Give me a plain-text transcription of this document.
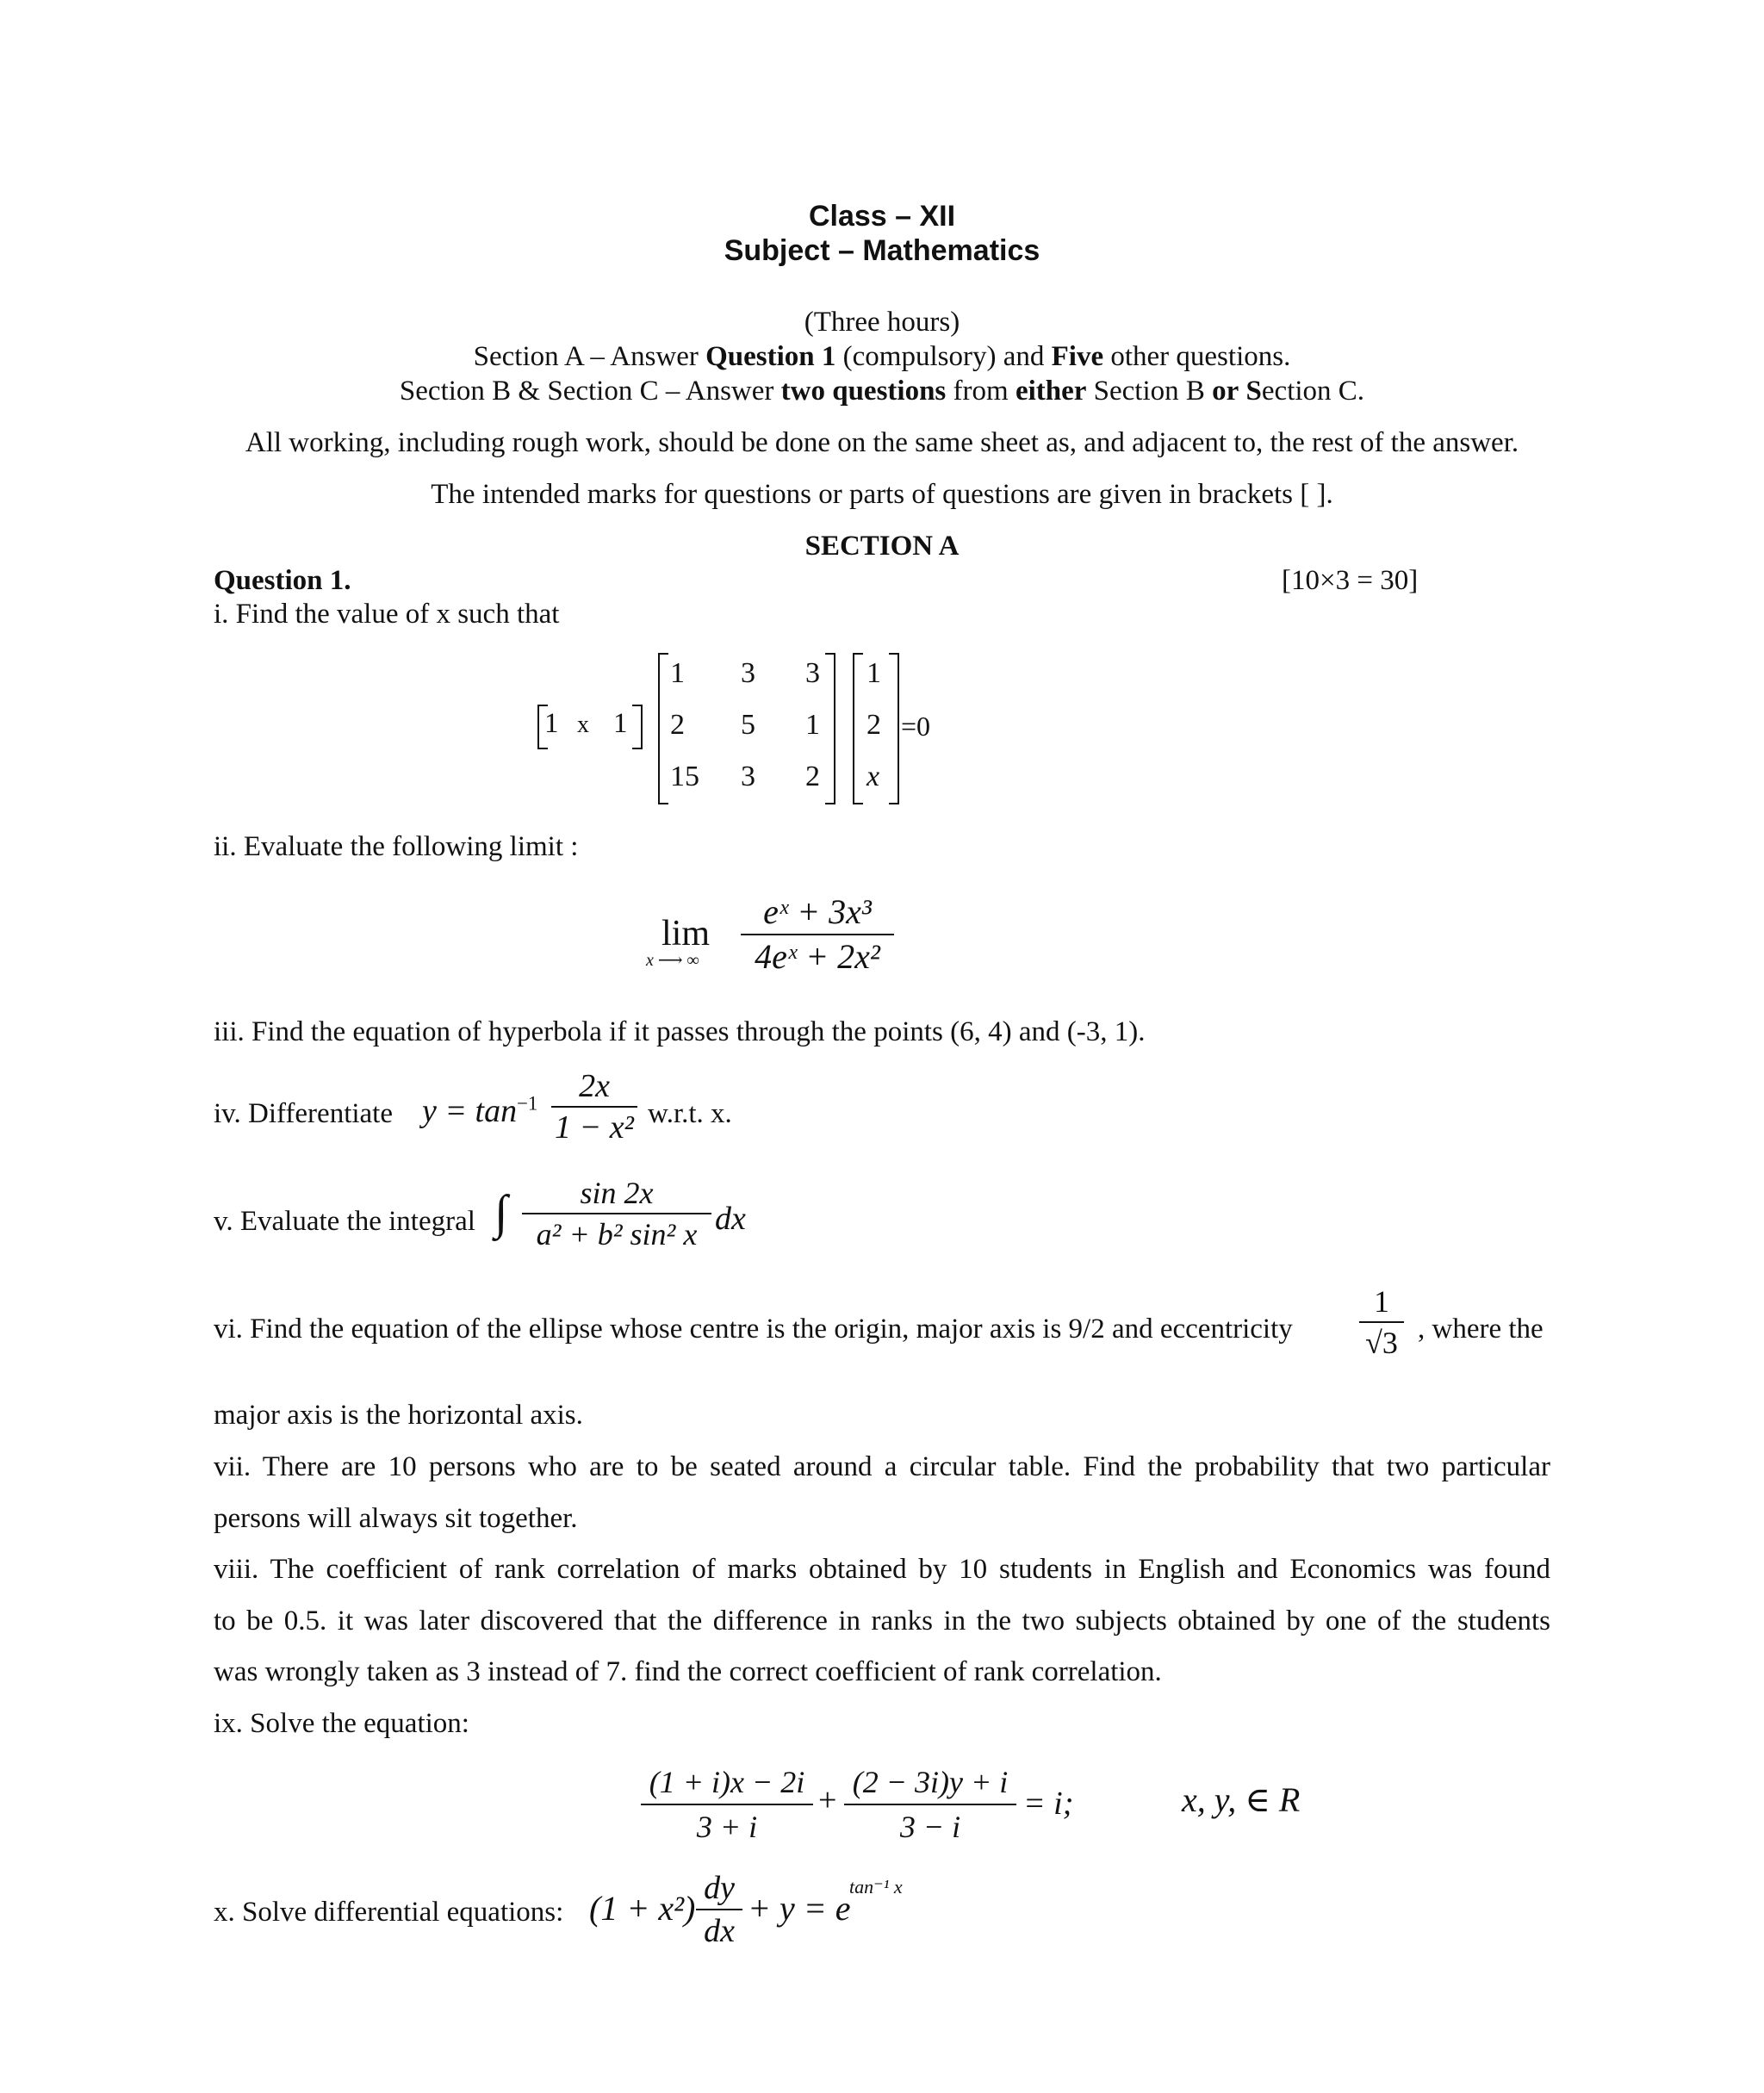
Class – XII
Subject – Mathematics
(Three hours)
Section A – Answer Question 1 (compulsory) and Five other questions.
Section B & Section C – Answer two questions from either Section B or Section C.
All working, including rough work, should be done on the same sheet as, and adjacent to, the rest of the answer.
The intended marks for questions or parts of questions are given in brackets [ ].
SECTION A
Question 1.	[10×3 = 30]
i. Find the value of x such that
1 x 1
1 3 3
2 5 1
15 3 2
1
2
x
=0
ii. Evaluate the following limit :
lim
x ⟶ ∞
eˣ + 3x³
4eˣ + 2x²
iii. Find the equation of hyperbola if it passes through the points (6, 4) and (-3, 1).
iv. Differentiate $y = \tan^{-1}$	2x
1 − x² w.r.t. x.
v. Evaluate the integral ∫	sin 2x
a² + b² sin² x dx
vi. Find the equation of the ellipse whose centre is the origin, major axis is 9/2 and eccentricity
1
√3 , where the
major axis is the horizontal axis.
vii. There are 10 persons who are to be seated around a circular table. Find the probability that two particular
persons will always sit together.
viii. The coefficient of rank correlation of marks obtained by 10 students in English and Economics was found
to be 0.5. it was later discovered that the difference in ranks in the two subjects obtained by one of the students
was wrongly taken as 3 instead of 7. find the correct coefficient of rank correlation.
ix. Solve the equation:
(1 + i)x − 2i
3 + i
+ (2 − 3i)y + i
3 − i
= i;	x, y, ∈ R
x. Solve differential equations: (1 + x²)
dy
dx
+ y = e
tan⁻¹ x
